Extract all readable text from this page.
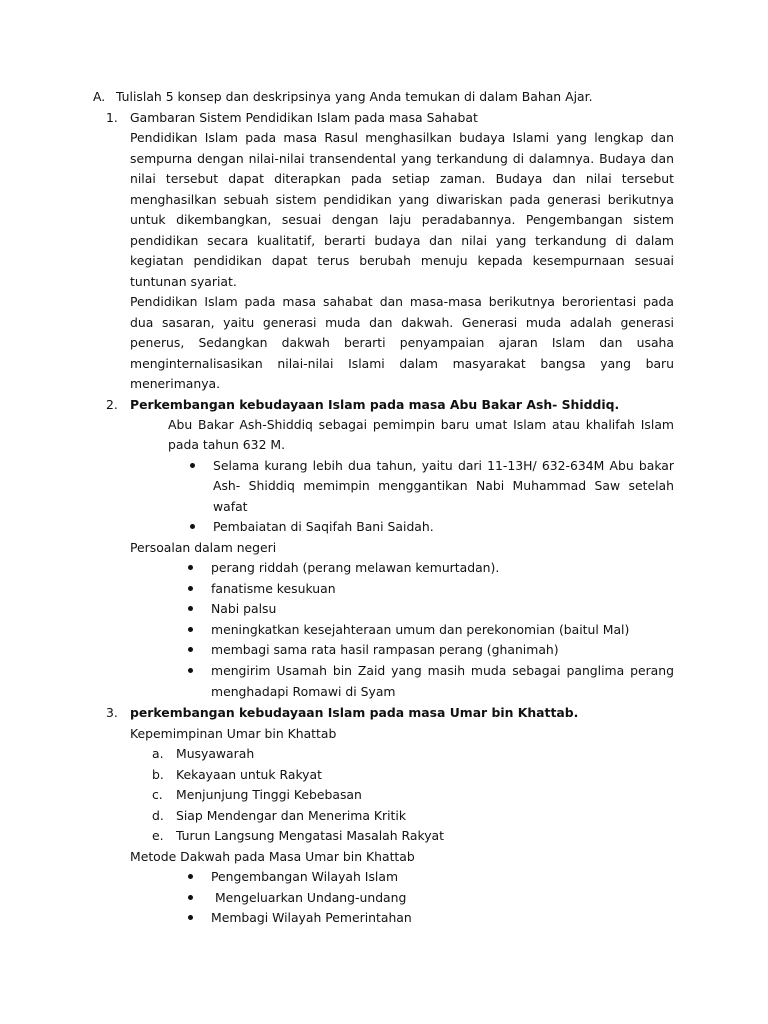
A. Tulislah 5 konsep dan deskripsinya yang Anda temukan di dalam Bahan Ajar.
1. Gambaran Sistem Pendidikan Islam pada masa Sahabat
Pendidikan Islam pada masa Rasul menghasilkan budaya Islami yang lengkap dan
sempurna dengan nilai-nilai transendental yang terkandung di dalamnya. Budaya dan
nilai tersebut dapat diterapkan pada setiap zaman. Budaya dan nilai tersebut
menghasilkan sebuah sistem pendidikan yang diwariskan pada generasi berikutnya
untuk dikembangkan, sesuai dengan laju peradabannya. Pengembangan sistem
pendidikan secara kualitatif, berarti budaya dan nilai yang terkandung di dalam
kegiatan pendidikan dapat terus berubah menuju kepada kesempurnaan sesuai
tuntunan syariat.
Pendidikan Islam pada masa sahabat dan masa-masa berikutnya berorientasi pada
dua sasaran, yaitu generasi muda dan dakwah. Generasi muda adalah generasi
penerus, Sedangkan dakwah berarti penyampaian ajaran Islam dan usaha
menginternalisasikan nilai-nilai Islami dalam masyarakat bangsa yang baru
menerimanya.
2. Perkembangan kebudayaan Islam pada masa Abu Bakar Ash- Shiddiq.
Abu Bakar Ash-Shiddiq sebagai pemimpin baru umat Islam atau khalifah Islam
pada tahun 632 M.
Selama kurang lebih dua tahun, yaitu dari 11-13H/ 632-634M Abu bakar
Ash- Shiddiq memimpin menggantikan Nabi Muhammad Saw setelah
wafat
Pembaiatan di Saqifah Bani Saidah.
Persoalan dalam negeri
perang riddah (perang melawan kemurtadan).
fanatisme kesukuan
Nabi palsu
meningkatkan kesejahteraan umum dan perekonomian (baitul Mal)
membagi sama rata hasil rampasan perang (ghanimah)
mengirim Usamah bin Zaid yang masih muda sebagai panglima perang
menghadapi Romawi di Syam
3. perkembangan kebudayaan Islam pada masa Umar bin Khattab.
Kepemimpinan Umar bin Khattab
a. Musyawarah
b. Kekayaan untuk Rakyat
c. Menjunjung Tinggi Kebebasan
d. Siap Mendengar dan Menerima Kritik
e. Turun Langsung Mengatasi Masalah Rakyat
Metode Dakwah pada Masa Umar bin Khattab
Pengembangan Wilayah Islam
Mengeluarkan Undang-undang
Membagi Wilayah Pemerintahan
